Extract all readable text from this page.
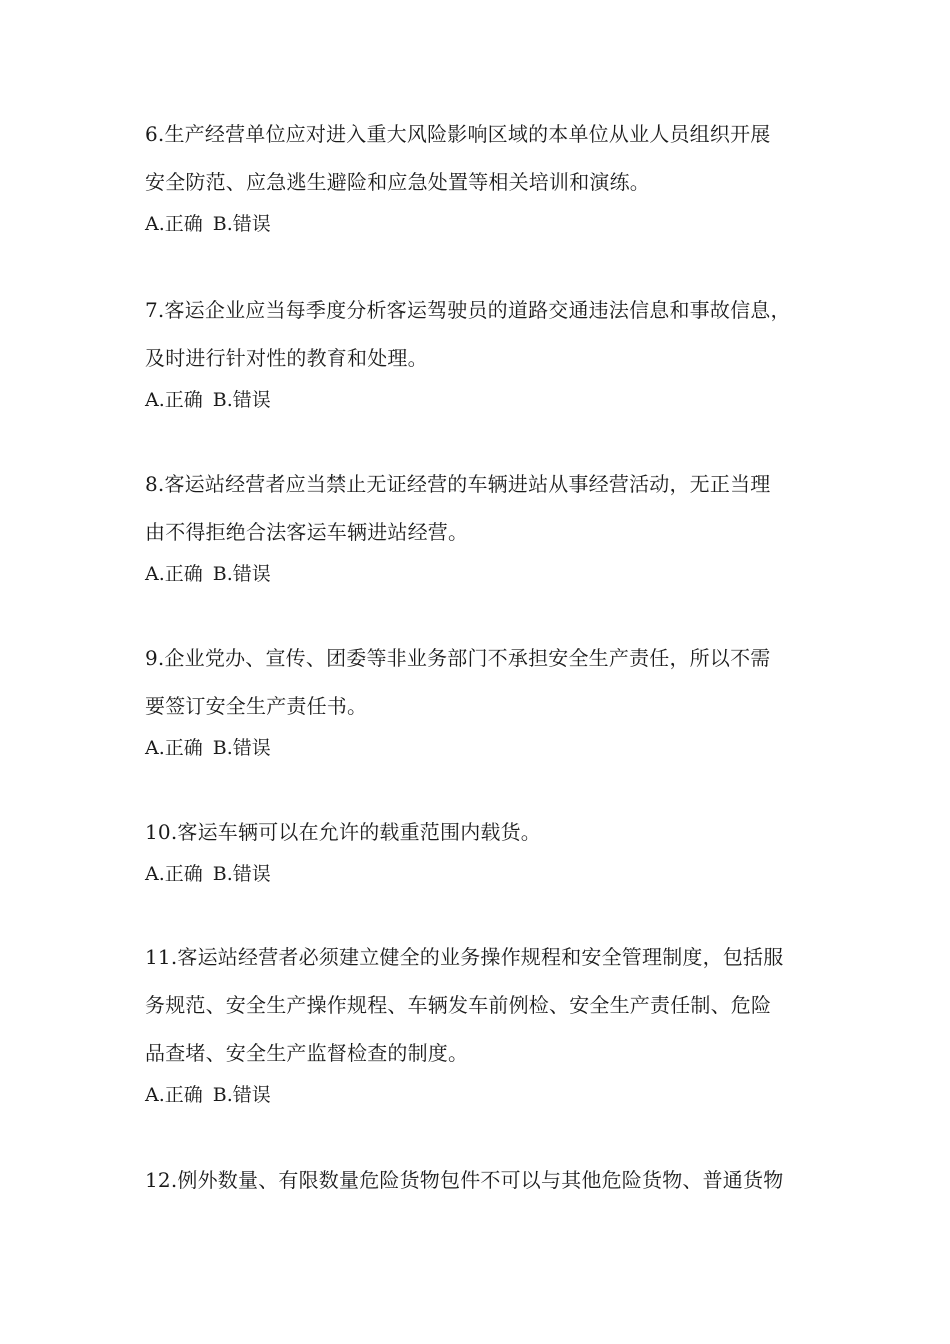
6.生产经营单位应对进入重大风险影响区域的本单位从业人员组织开展
安全防范、应急逃生避险和应急处置等相关培训和演练。
A.正确 B.错误
7.客运企业应当每季度分析客运驾驶员的道路交通违法信息和事故信息，
及时进行针对性的教育和处理。
A.正确 B.错误
8.客运站经营者应当禁止无证经营的车辆进站从事经营活动，无正当理
由不得拒绝合法客运车辆进站经营。
A.正确 B.错误
9.企业党办、宣传、团委等非业务部门不承担安全生产责任，所以不需
要签订安全生产责任书。
A.正确 B.错误
10.客运车辆可以在允许的载重范围内载货。
A.正确 B.错误
11.客运站经营者必须建立健全的业务操作规程和安全管理制度，包括服
务规范、安全生产操作规程、车辆发车前例检、安全生产责任制、危险
品查堵、安全生产监督检查的制度。
A.正确 B.错误
12.例外数量、有限数量危险货物包件不可以与其他危险货物、普通货物
